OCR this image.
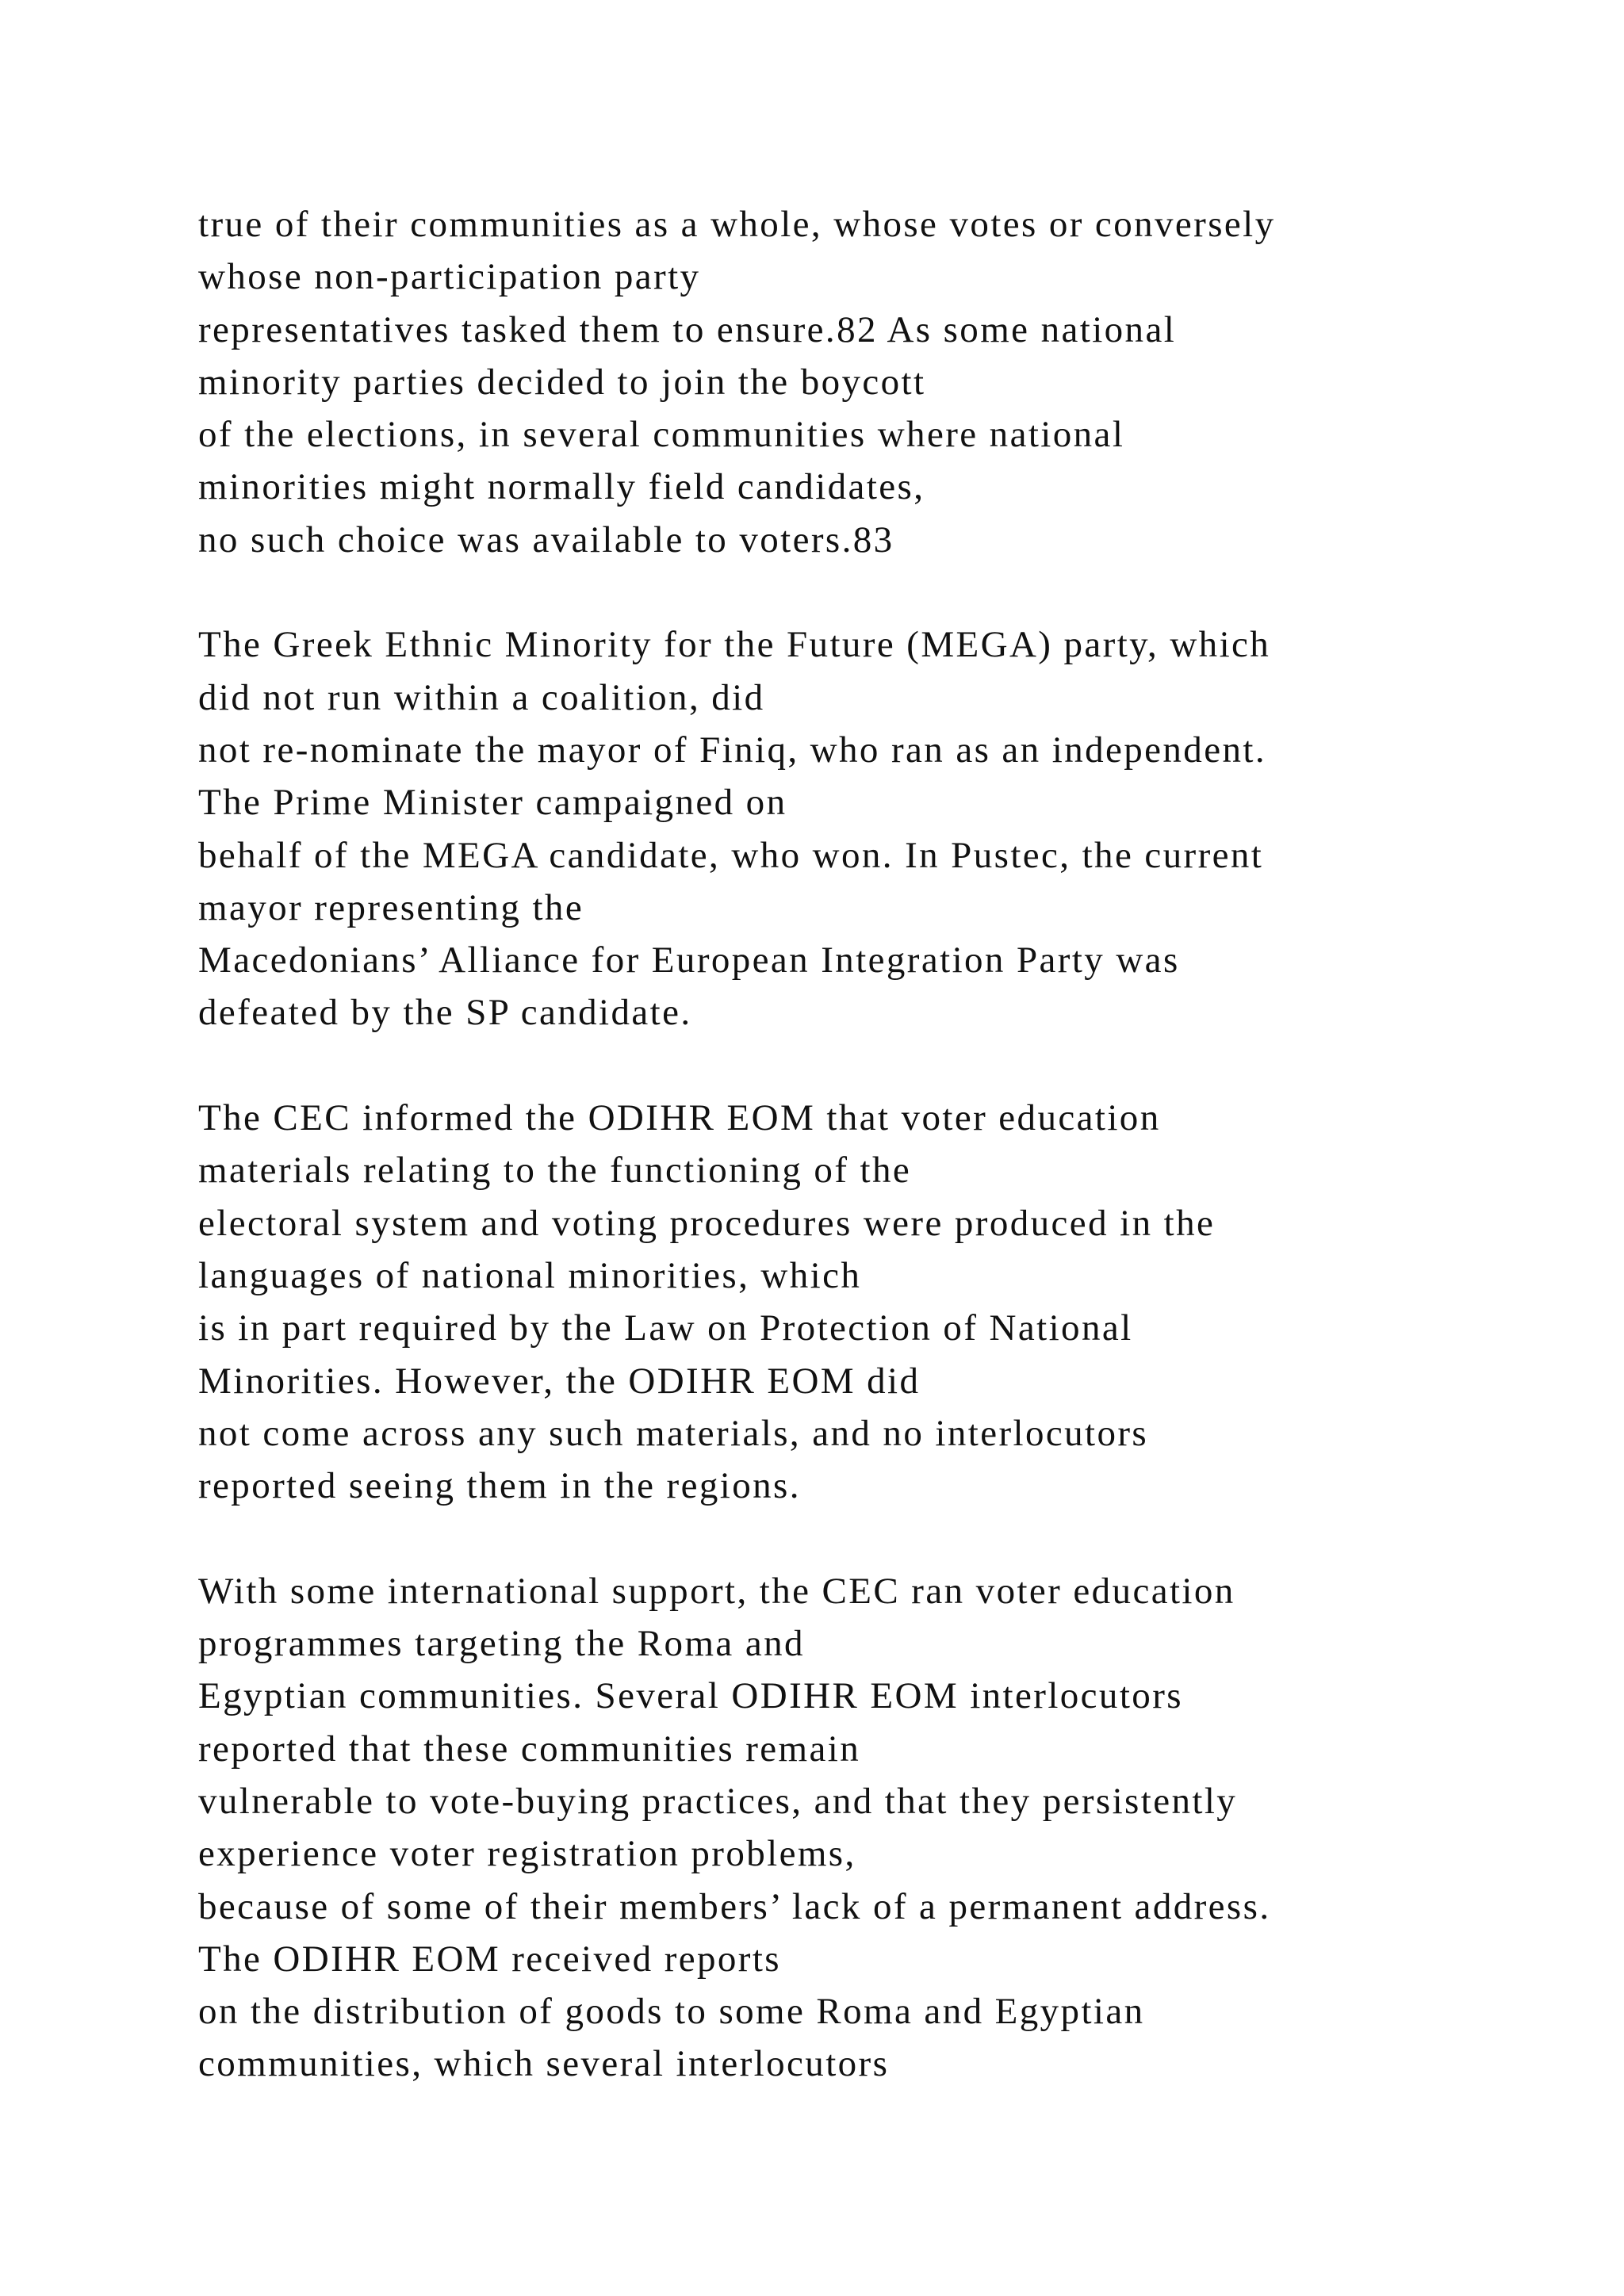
true of their communities as a whole, whose votes or conversely
whose non-participation party
representatives tasked them to ensure.82 As some national
minority parties decided to join the boycott
of the elections, in several communities where national
minorities might normally field candidates,
no such choice was available to voters.83
The Greek Ethnic Minority for the Future (MEGA) party, which
did not run within a coalition, did
not re-nominate the mayor of Finiq, who ran as an independent.
The Prime Minister campaigned on
behalf of the MEGA candidate, who won. In Pustec, the current
mayor representing the
Macedonians’ Alliance for European Integration Party was
defeated by the SP candidate.
The CEC informed the ODIHR EOM that voter education
materials relating to the functioning of the
electoral system and voting procedures were produced in the
languages of national minorities, which
is in part required by the Law on Protection of National
Minorities. However, the ODIHR EOM did
not come across any such materials, and no interlocutors
reported seeing them in the regions.
With some international support, the CEC ran voter education
programmes targeting the Roma and
Egyptian communities. Several ODIHR EOM interlocutors
reported that these communities remain
vulnerable to vote-buying practices, and that they persistently
experience voter registration problems,
because of some of their members’ lack of a permanent address.
The ODIHR EOM received reports
on the distribution of goods to some Roma and Egyptian
communities, which several interlocutors
